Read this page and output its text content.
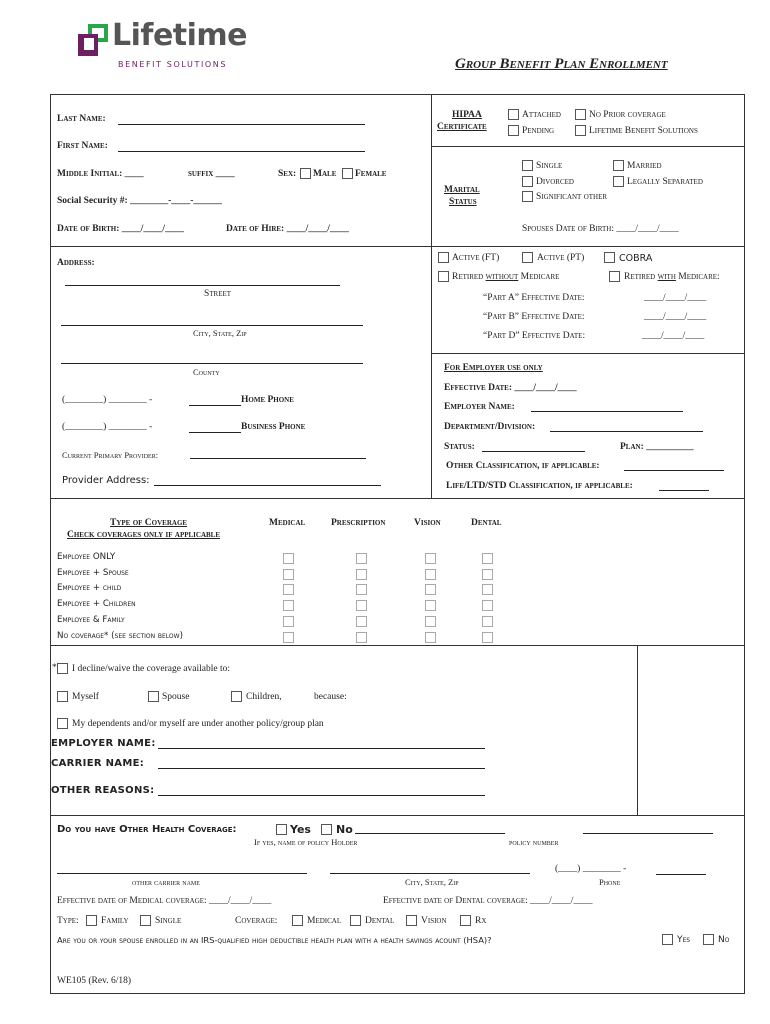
Lifetime
BENEFIT SOLUTIONS	Group Benefit Plan Enrollment
Last Name:
First Name:
Middle Initial: ____	suffix ____	Sex: Male Female
Social Security #: ________-____-______
Date of Birth: ____/____/____	Date of Hire: ____/____/____
HIPAA
Certificate
Attached	No Prior coverage
Pending	Lifetime Benefit Solutions
Marital
Status
Single	Married
Divorced	Legally Separated
Significant other
Spouses Date of Birth: ____/____/____
Address:
Street
City, State, Zip
County
(________) ________ -	Home Phone
(________) ________ -	Business Phone
Current Primary Provider:
Provider Address:
Active (FT)	Active (PT)	COBRA
Retired without Medicare	Retired with Medicare:
“Part A” Effective Date:	____/____/____
“Part B” Effective Date:	____/____/____
“Part D” Effective Date:	____/____/____
For Employer use only
Effective Date: ____/____/____
Employer Name:
Department/Division:
Status:	Plan: __________
Other Classification, if applicable:
Life/LTD/STD Classification, if applicable:
Type of Coverage
Check coverages only if applicable
Medical	Prescription	Vision	Dental
Employee ONLY
Employee + Spouse
Employee + child
Employee + Children
Employee & Family
No coverage* (see section below)
* I decline/waive the coverage available to:
Myself	Spouse	Children,	because:
My dependents and/or myself are under another policy/group plan
EMPLOYER NAME:
CARRIER NAME:
OTHER REASONS:
Do you have Other Health Coverage:	Yes No
If yes, name of policy Holder	policy number
(____) ________ -
other carrier name	City, State, Zip	Phone
Effective date of Medical coverage: ____/____/____	Effective date of Dental coverage: ____/____/____
Type: Family	Single	Coverage:	Medical	Dental	Vision	Rx
Are you or your spouse enrolled in an IRS-qualified high deductible health plan with a health savings acount (HSA)?	Yes	No
WE105 (Rev. 6/18)
